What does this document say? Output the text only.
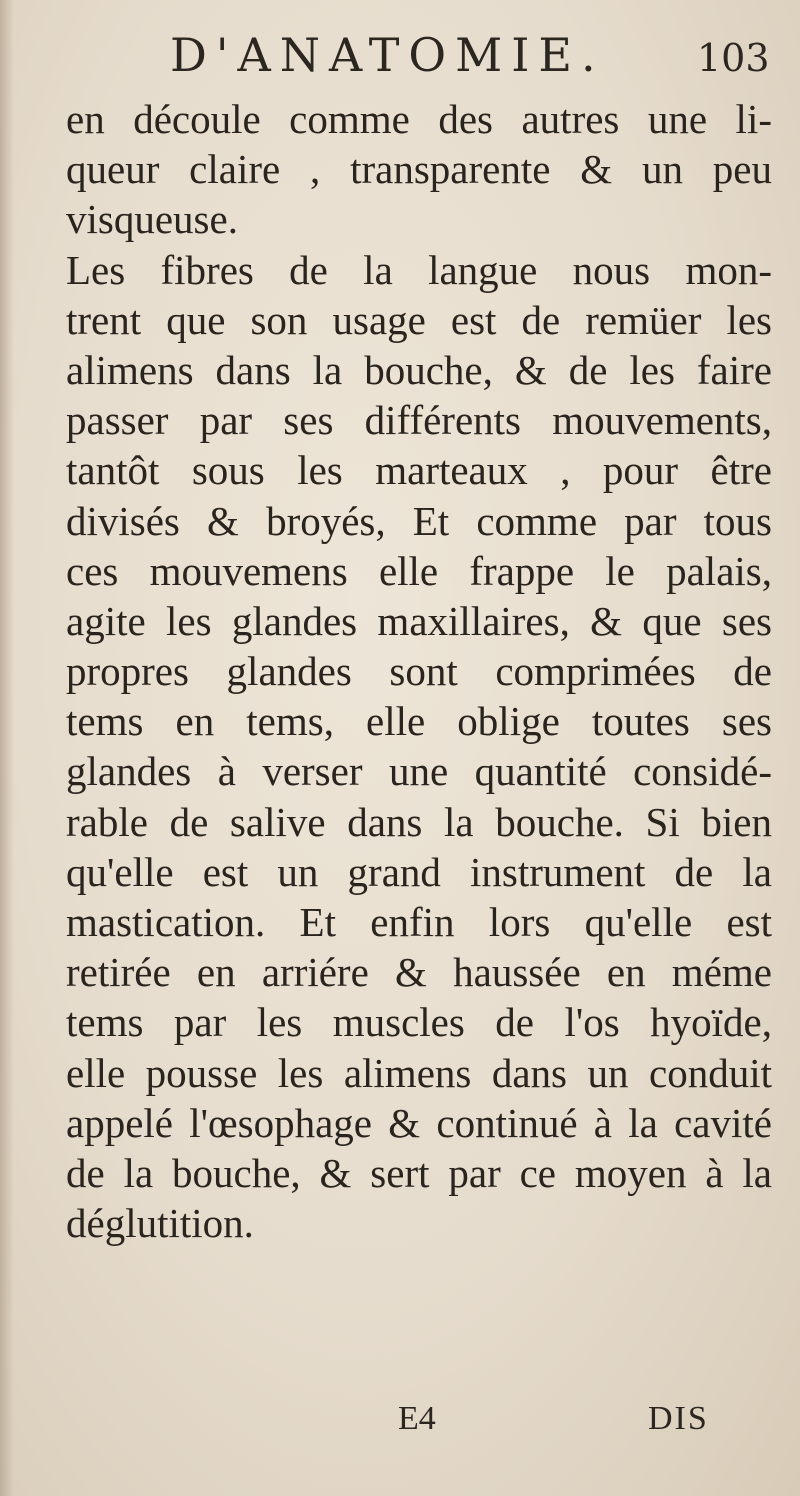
D'ANATOMIE. 103
en découle comme des autres une li-
queur claire , transparente & un peu
visqueuse.
Les fibres de la langue nous mon-
trent que son usage est de remüer les
alimens dans la bouche, & de les faire
passer par ses différents mouvements,
tantôt sous les marteaux , pour être
divisés & broyés, Et comme par tous
ces mouvemens elle frappe le palais,
agite les glandes maxillaires, & que ses
propres glandes sont comprimées de
tems en tems, elle oblige toutes ses
glandes à verser une quantité considé-
rable de salive dans la bouche. Si bien
qu'elle est un grand instrument de la
mastication. Et enfin lors qu'elle est
retirée en arriére & haussée en méme
tems par les muscles de l'os hyoïde,
elle pousse les alimens dans un conduit
appelé l'œsophage & continué à la cavité
de la bouche, & sert par ce moyen à la
déglutition.
E4	DIS
